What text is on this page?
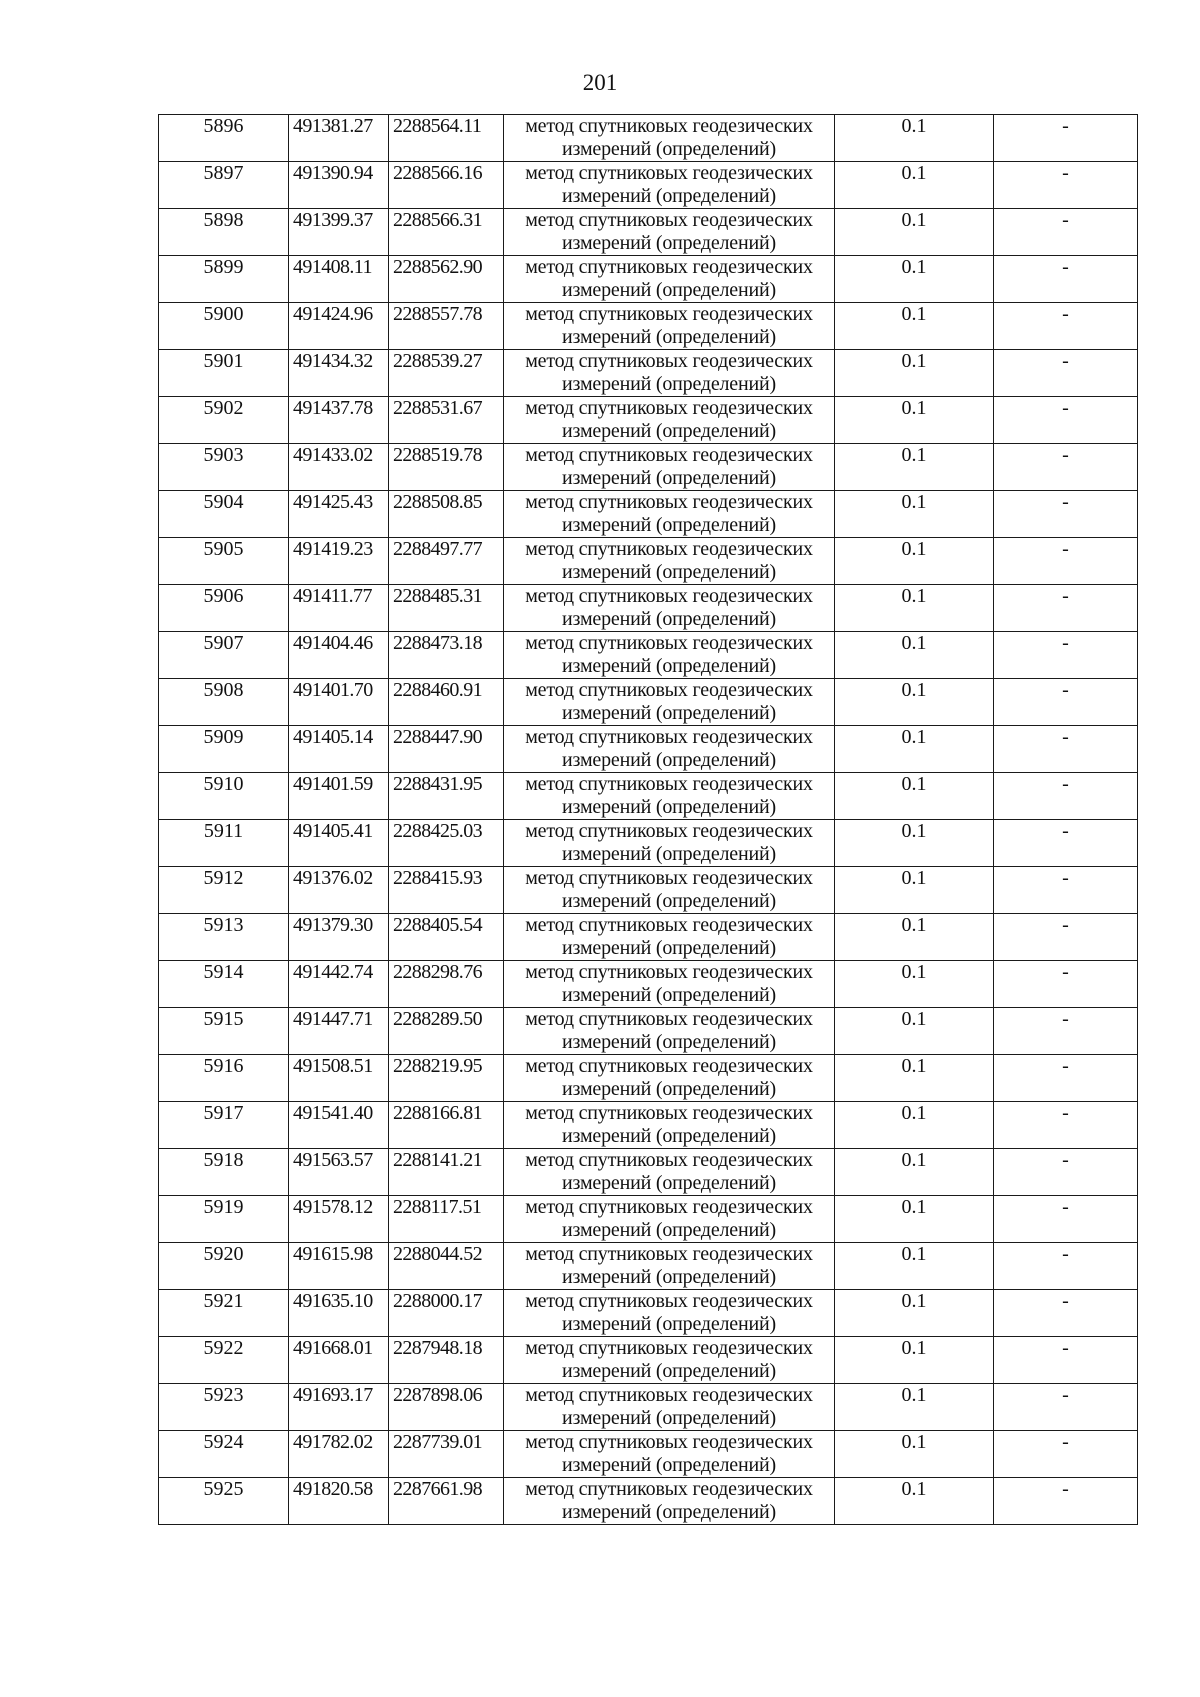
201
5896	491381.27	2288564.11	метод спутниковых геодезических измерений (определений)	0.1	-
5897	491390.94	2288566.16	метод спутниковых геодезических измерений (определений)	0.1	-
5898	491399.37	2288566.31	метод спутниковых геодезических измерений (определений)	0.1	-
5899	491408.11	2288562.90	метод спутниковых геодезических измерений (определений)	0.1	-
5900	491424.96	2288557.78	метод спутниковых геодезических измерений (определений)	0.1	-
5901	491434.32	2288539.27	метод спутниковых геодезических измерений (определений)	0.1	-
5902	491437.78	2288531.67	метод спутниковых геодезических измерений (определений)	0.1	-
5903	491433.02	2288519.78	метод спутниковых геодезических измерений (определений)	0.1	-
5904	491425.43	2288508.85	метод спутниковых геодезических измерений (определений)	0.1	-
5905	491419.23	2288497.77	метод спутниковых геодезических измерений (определений)	0.1	-
5906	491411.77	2288485.31	метод спутниковых геодезических измерений (определений)	0.1	-
5907	491404.46	2288473.18	метод спутниковых геодезических измерений (определений)	0.1	-
5908	491401.70	2288460.91	метод спутниковых геодезических измерений (определений)	0.1	-
5909	491405.14	2288447.90	метод спутниковых геодезических измерений (определений)	0.1	-
5910	491401.59	2288431.95	метод спутниковых геодезических измерений (определений)	0.1	-
5911	491405.41	2288425.03	метод спутниковых геодезических измерений (определений)	0.1	-
5912	491376.02	2288415.93	метод спутниковых геодезических измерений (определений)	0.1	-
5913	491379.30	2288405.54	метод спутниковых геодезических измерений (определений)	0.1	-
5914	491442.74	2288298.76	метод спутниковых геодезических измерений (определений)	0.1	-
5915	491447.71	2288289.50	метод спутниковых геодезических измерений (определений)	0.1	-
5916	491508.51	2288219.95	метод спутниковых геодезических измерений (определений)	0.1	-
5917	491541.40	2288166.81	метод спутниковых геодезических измерений (определений)	0.1	-
5918	491563.57	2288141.21	метод спутниковых геодезических измерений (определений)	0.1	-
5919	491578.12	2288117.51	метод спутниковых геодезических измерений (определений)	0.1	-
5920	491615.98	2288044.52	метод спутниковых геодезических измерений (определений)	0.1	-
5921	491635.10	2288000.17	метод спутниковых геодезических измерений (определений)	0.1	-
5922	491668.01	2287948.18	метод спутниковых геодезических измерений (определений)	0.1	-
5923	491693.17	2287898.06	метод спутниковых геодезических измерений (определений)	0.1	-
5924	491782.02	2287739.01	метод спутниковых геодезических измерений (определений)	0.1	-
5925	491820.58	2287661.98	метод спутниковых геодезических измерений (определений)	0.1	-
